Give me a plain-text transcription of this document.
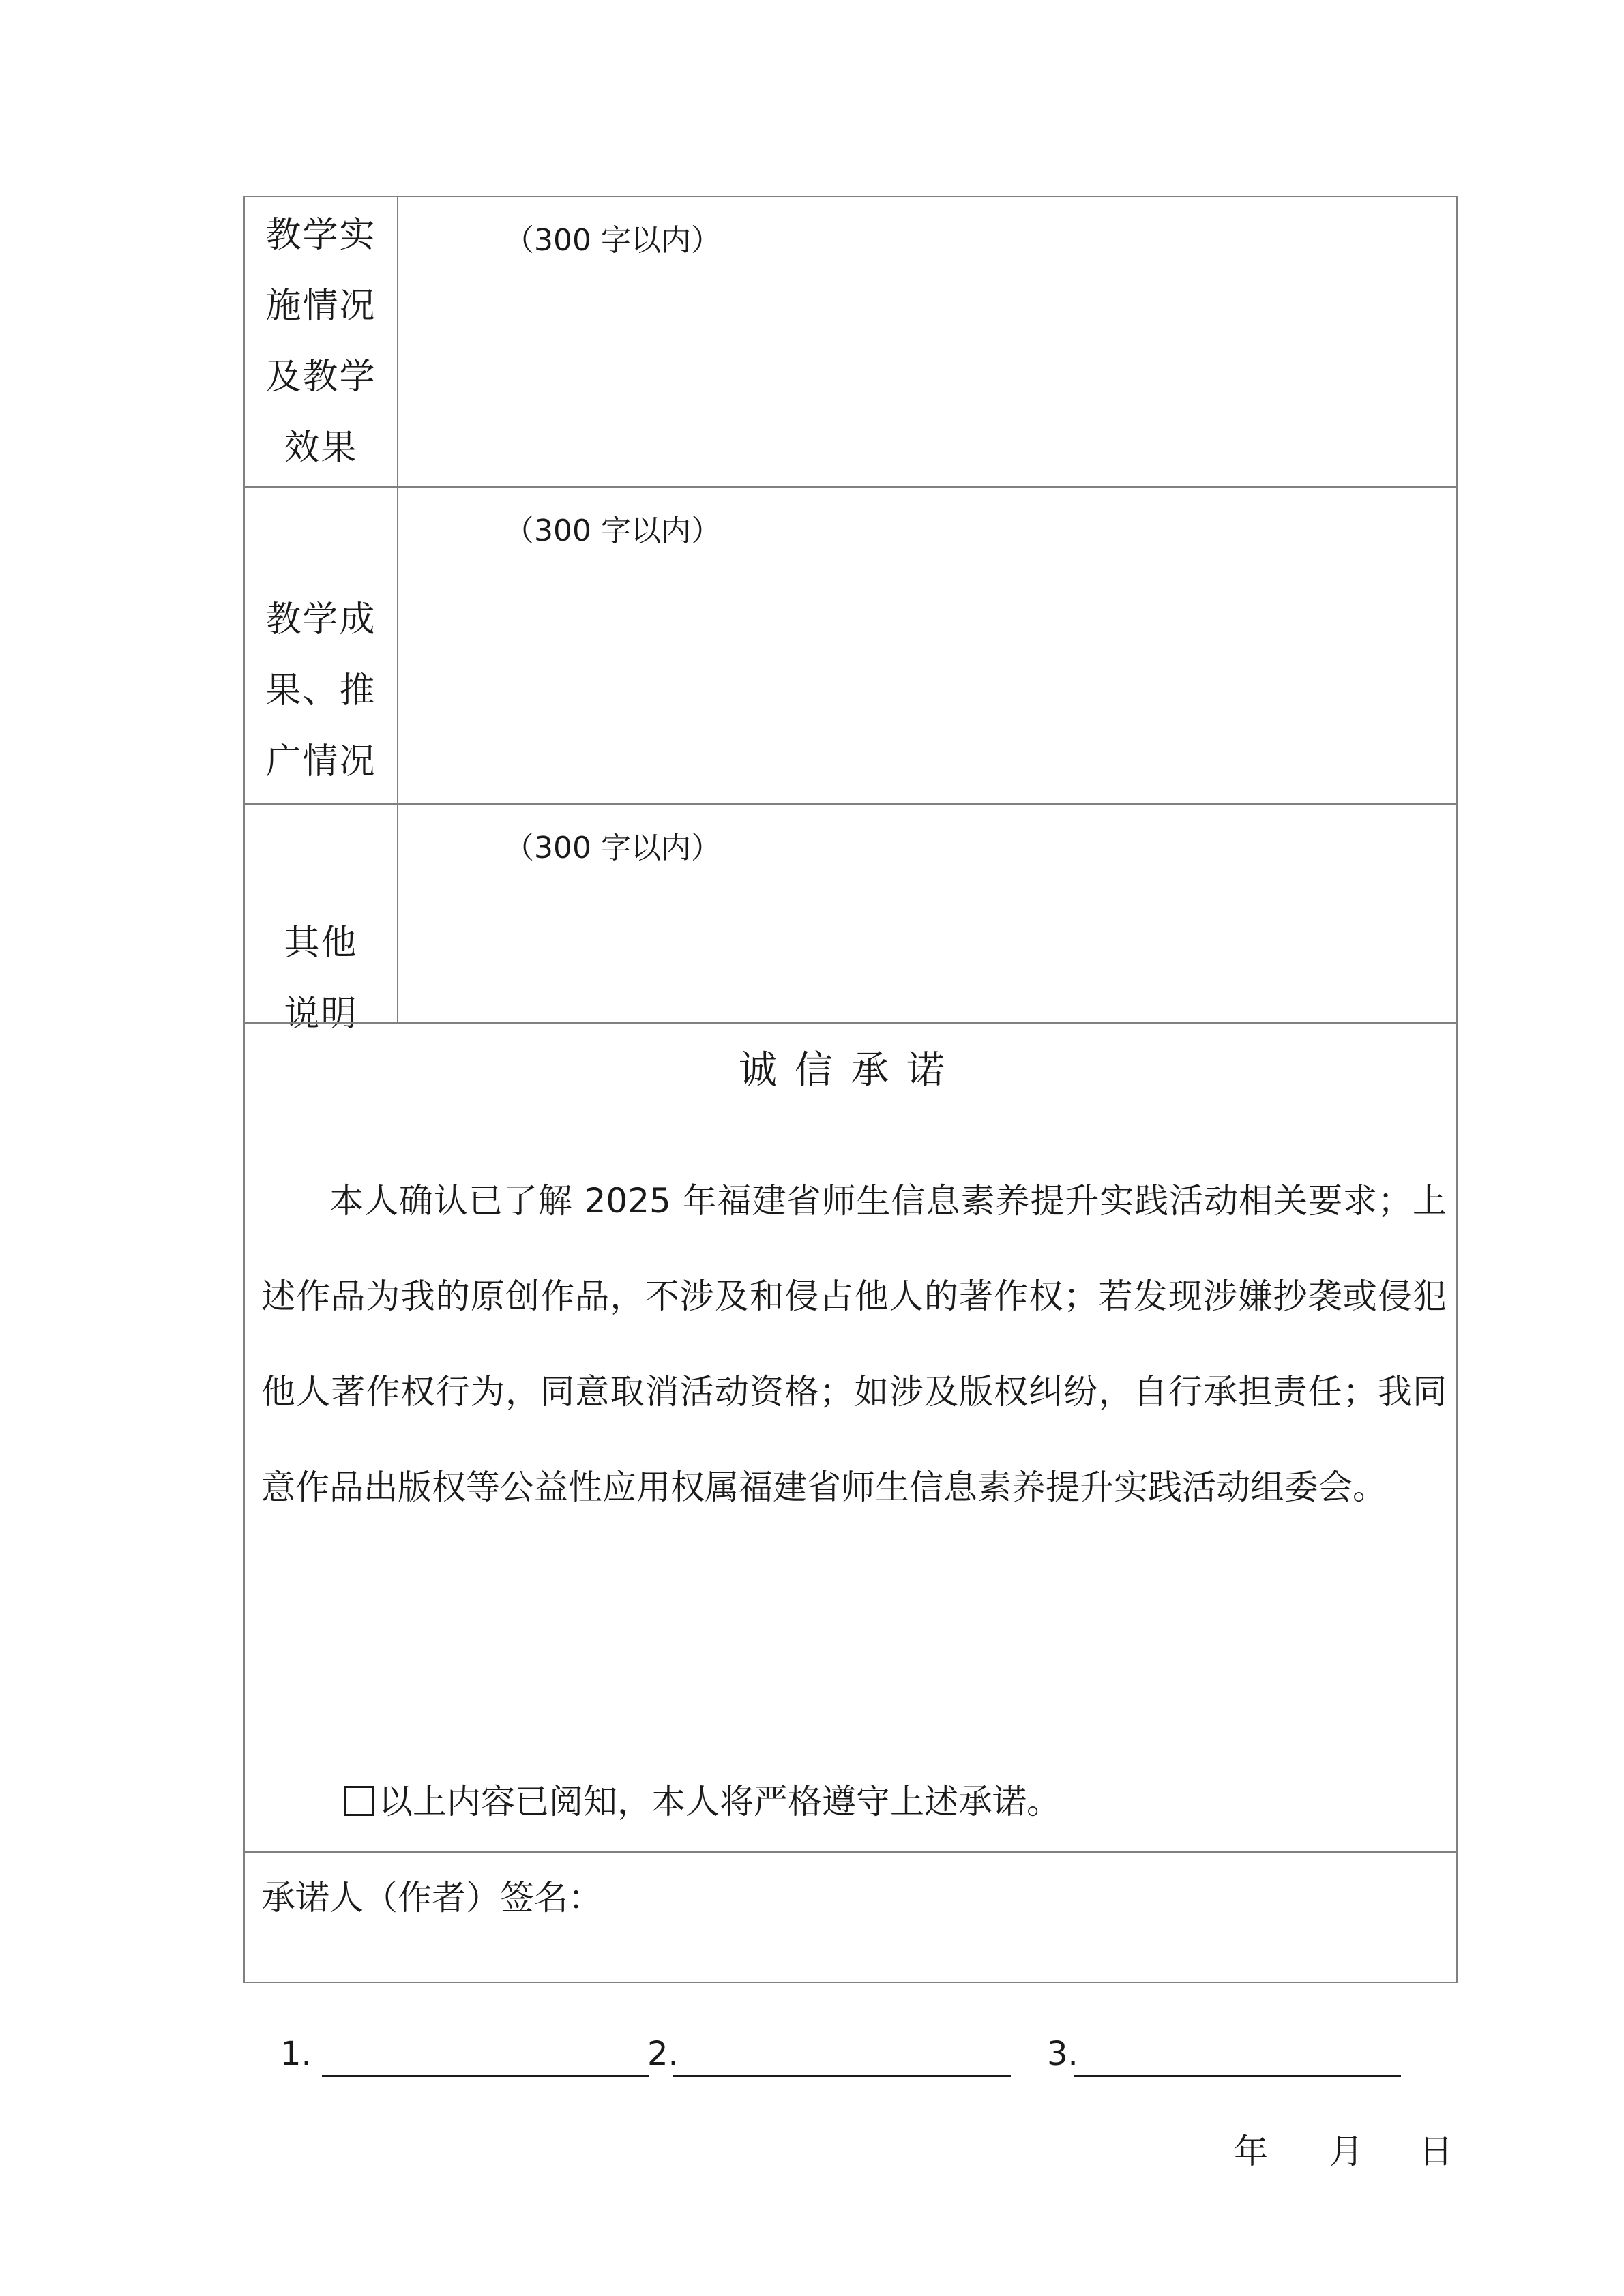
教学实
施情况
及教学
效果
（300 字以内）
教学成
果、推
广情况
（300 字以内）
其他
说明
（300 字以内）
诚信承诺

本人确认已了解 2025 年福建省师生信息素养提升实践活动相关要求；上述作品为我的原创作品，不涉及和侵占他人的著作权；若发现涉嫌抄袭或侵犯他人著作权行为，同意取消活动资格；如涉及版权纠纷，自行承担责任；我同意作品出版权等公益性应用权属福建省师生信息素养提升实践活动组委会。

以上内容已阅知，本人将严格遵守上述承诺。
承诺人（作者）签名：
1.	2.	3.
年 月 日
